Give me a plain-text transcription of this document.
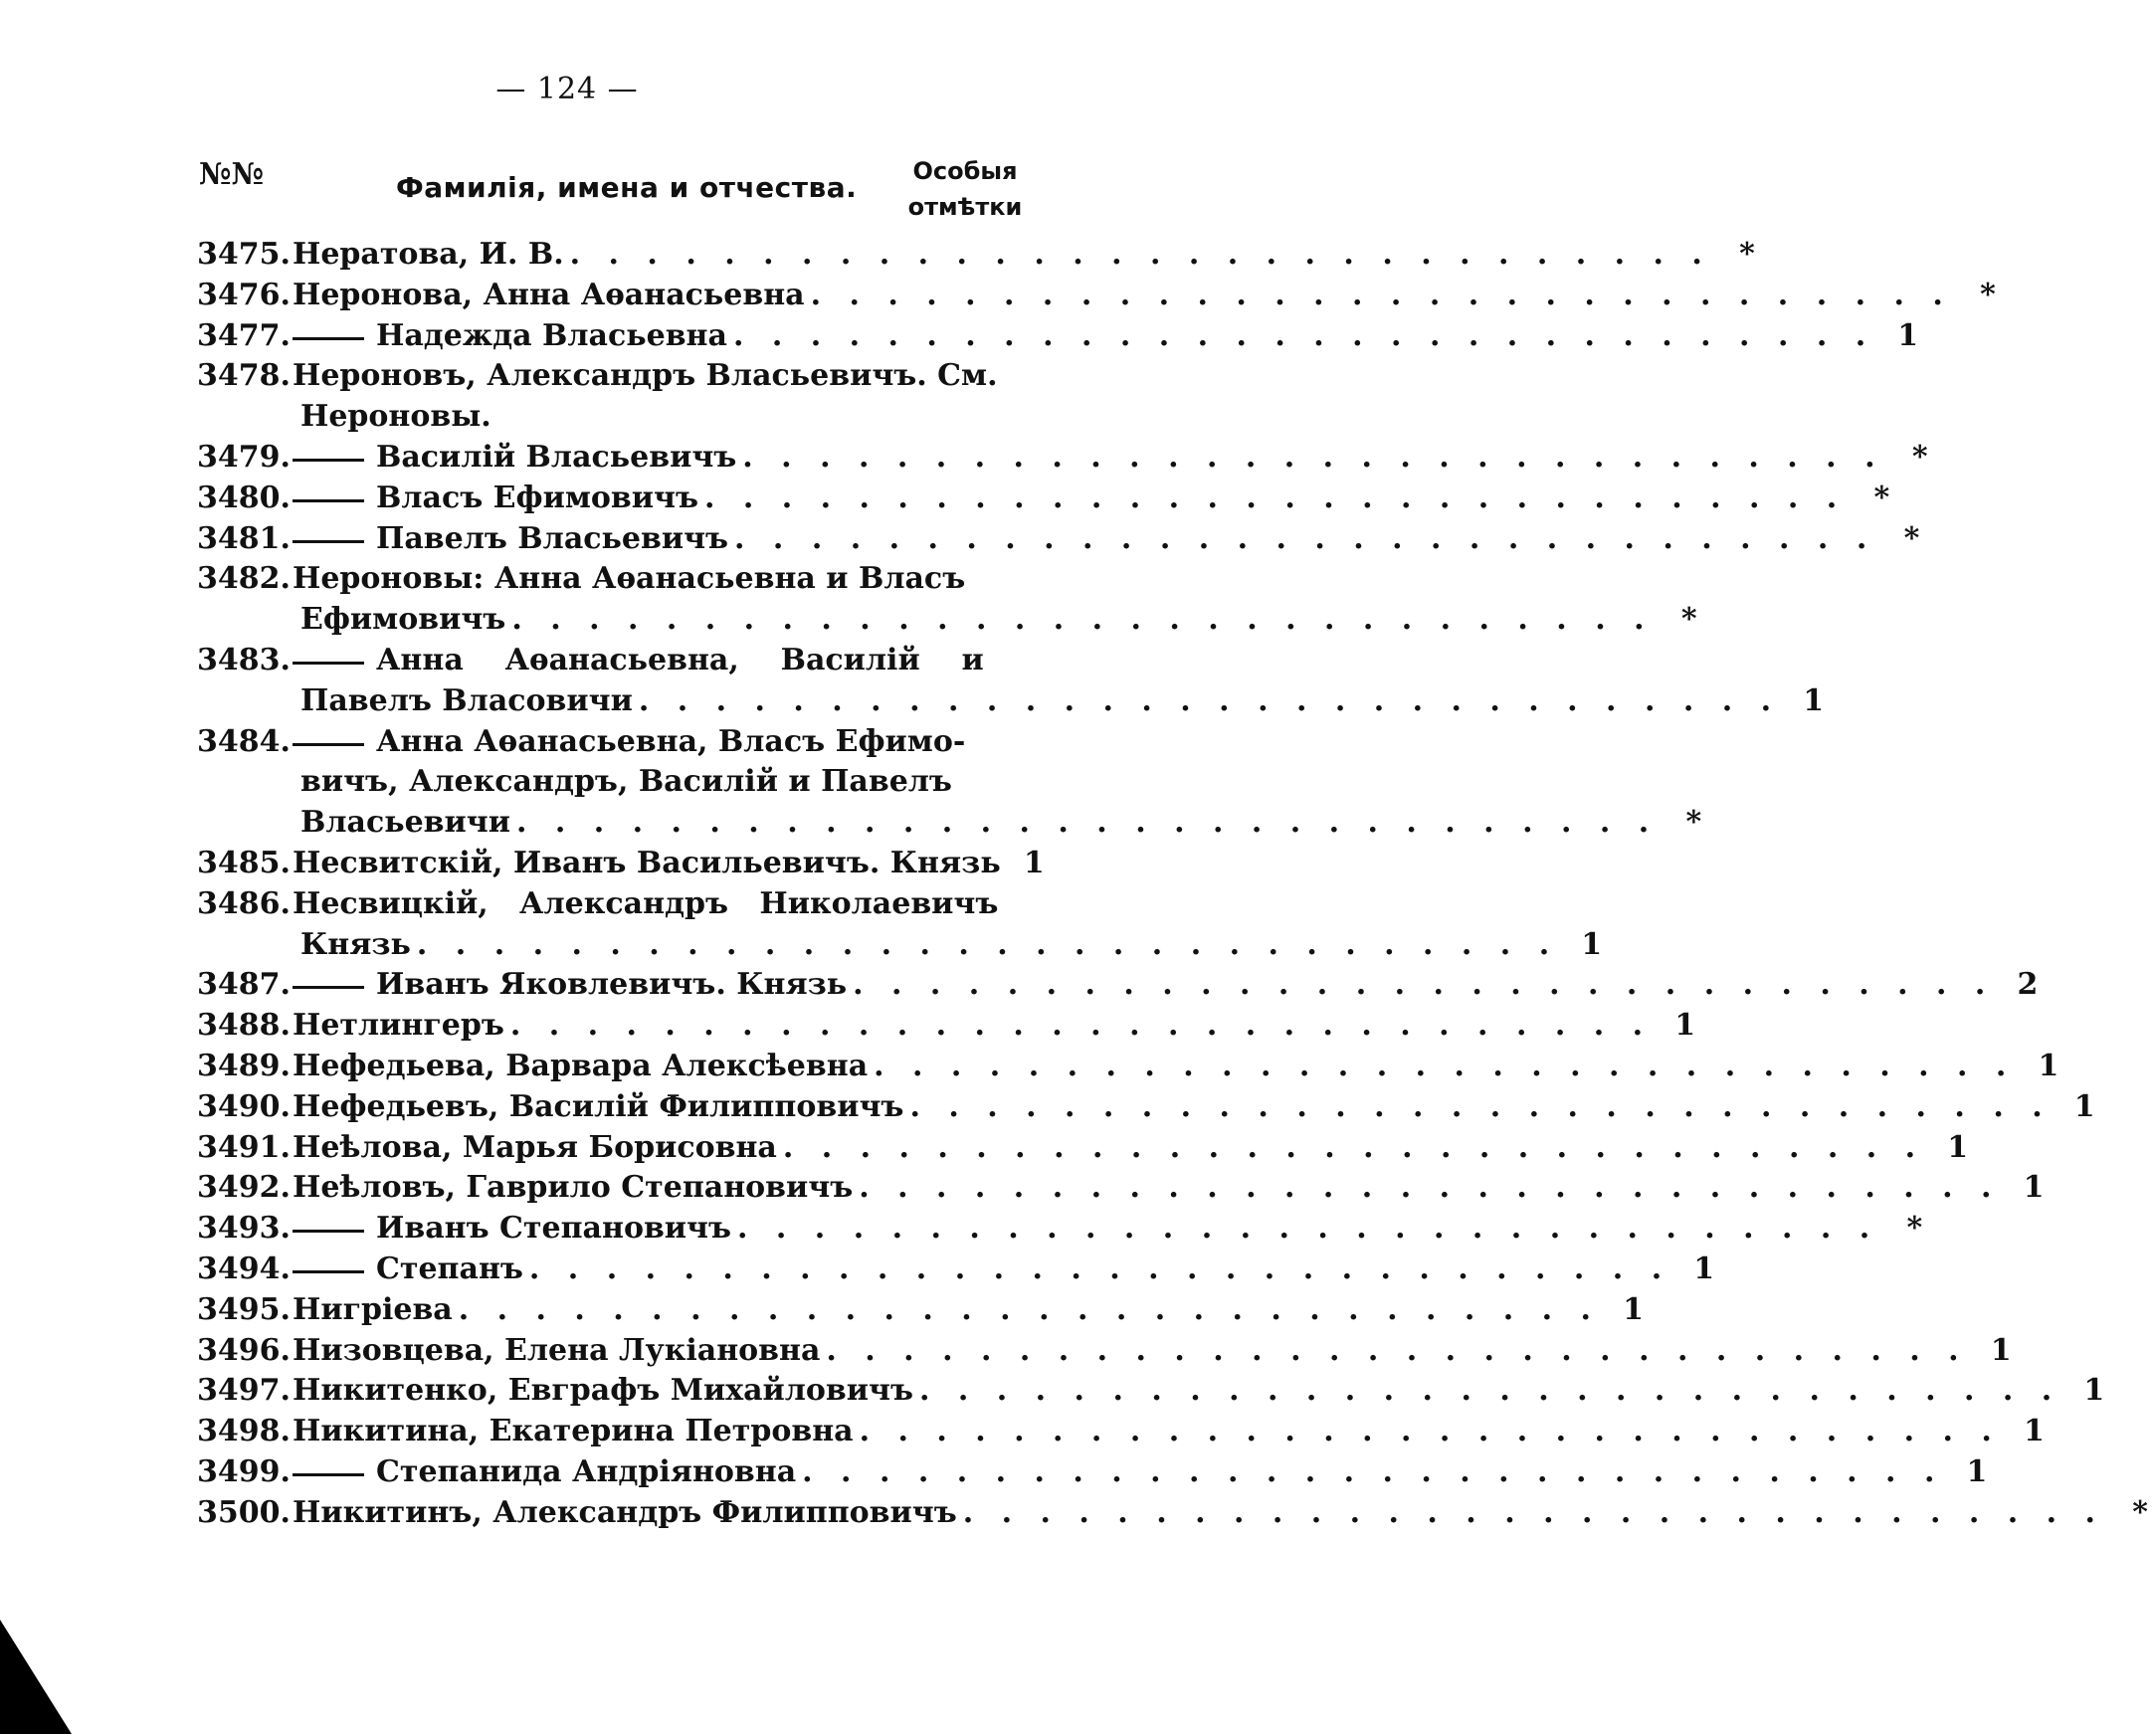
— 124 —
№№	Фамилія, имена и отчества.	Особыя
отмѣтки
3475. Нератова, И. В. . . . . . . . . . . . . . . . . . . . . . . . . . . . . . . *
3476. Неронова, Анна Аѳанасьевна . . . . . . . . . . . . . . . . . . . . . . . . . . . . . . *
3477.	Надежда Власьевна . . . . . . . . . . . . . . . . . . . . . . . . . . . . . . 1
3478. Нероновъ, Александръ Власьевичъ. См.
Нероновы.
3479.	Василій Власьевичъ . . . . . . . . . . . . . . . . . . . . . . . . . . . . . . *
3480.	Власъ Ефимовичъ . . . . . . . . . . . . . . . . . . . . . . . . . . . . . . *
3481.	Павелъ Власьевичъ . . . . . . . . . . . . . . . . . . . . . . . . . . . . . . *
3482. Нероновы: Анна Аѳанасьевна и Власъ
Ефимовичъ . . . . . . . . . . . . . . . . . . . . . . . . . . . . . . *
3483.	Анна    Аѳанасьевна,    Василій    и
Павелъ Власовичи . . . . . . . . . . . . . . . . . . . . . . . . . . . . . . 1
3484.	Анна Аѳанасьевна, Власъ Ефимо-
вичъ, Александръ, Василій и Павелъ
Власьевичи . . . . . . . . . . . . . . . . . . . . . . . . . . . . . . *
3485. Несвитскій, Иванъ Васильевичъ. Князь 1
3486. Несвицкій,   Александръ   Николаевичъ
Князь . . . . . . . . . . . . . . . . . . . . . . . . . . . . . . 1
3487.	Иванъ Яковлевичъ. Князь . . . . . . . . . . . . . . . . . . . . . . . . . . . . . . 2
3488. Нетлингеръ . . . . . . . . . . . . . . . . . . . . . . . . . . . . . . 1
3489. Нефедьева, Варвара Алексѣевна . . . . . . . . . . . . . . . . . . . . . . . . . . . . . . 1
3490. Нефедьевъ, Василій Филипповичъ . . . . . . . . . . . . . . . . . . . . . . . . . . . . . . 1
3491. Неѣлова, Марья Борисовна . . . . . . . . . . . . . . . . . . . . . . . . . . . . . . 1
3492. Неѣловъ, Гаврило Степановичъ . . . . . . . . . . . . . . . . . . . . . . . . . . . . . . 1
3493.	Иванъ Степановичъ . . . . . . . . . . . . . . . . . . . . . . . . . . . . . . *
3494.	Степанъ . . . . . . . . . . . . . . . . . . . . . . . . . . . . . . 1
3495. Нигріева . . . . . . . . . . . . . . . . . . . . . . . . . . . . . . 1
3496. Низовцева, Елена Лукіановна . . . . . . . . . . . . . . . . . . . . . . . . . . . . . . 1
3497. Никитенко, Евграфъ Михайловичъ . . . . . . . . . . . . . . . . . . . . . . . . . . . . . . 1
3498. Никитина, Екатерина Петровна . . . . . . . . . . . . . . . . . . . . . . . . . . . . . . 1
3499.	Степанида Андріяновна . . . . . . . . . . . . . . . . . . . . . . . . . . . . . . 1
3500. Никитинъ, Александръ Филипповичъ . . . . . . . . . . . . . . . . . . . . . . . . . . . . . . *
